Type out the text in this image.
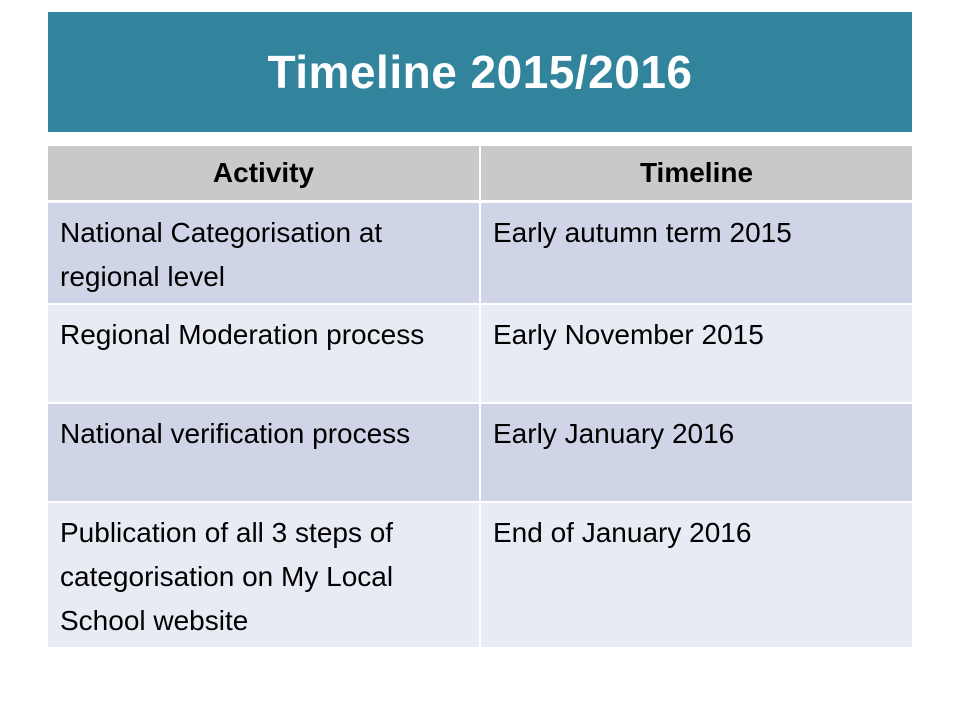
Timeline 2015/2016
Activity	Timeline
National Categorisation at regional level	Early autumn term 2015
Regional Moderation process	Early November 2015
National verification process	Early January 2016
Publication of all 3 steps of categorisation on My Local School website	End of January 2016
